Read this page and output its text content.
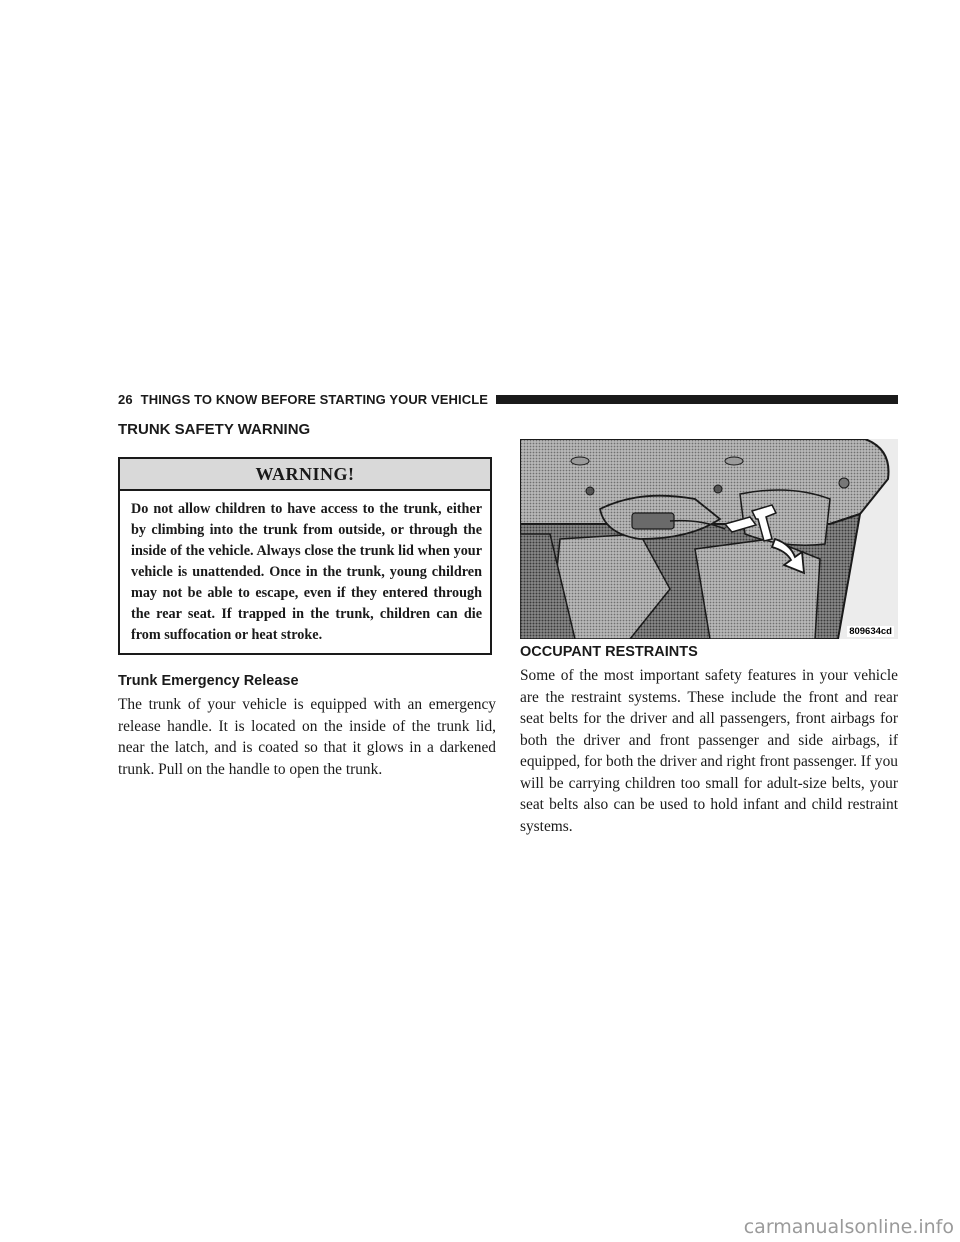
26 THINGS TO KNOW BEFORE STARTING YOUR VEHICLE
TRUNK SAFETY WARNING
WARNING!
Do not allow children to have access to the trunk, either by climbing into the trunk from outside, or through the inside of the vehicle. Always close the trunk lid when your vehicle is unattended. Once in the trunk, young children may not be able to escape, even if they entered through the rear seat. If trapped in the trunk, children can die from suffocation or heat stroke.
Trunk Emergency Release

The trunk of your vehicle is equipped with an emergency release handle. It is located on the inside of the trunk lid, near the latch, and is coated so that it glows in a darkened trunk. Pull on the handle to open the trunk.

809634cd
OCCUPANT RESTRAINTS

Some of the most important safety features in your vehicle are the restraint systems. These include the front and rear seat belts for the driver and all passengers, front airbags for both the driver and front passenger and side airbags, if equipped, for both the driver and right front passenger. If you will be carrying children too small for adult-size belts, your seat belts also can be used to hold infant and child restraint systems.

carmanualsonline.info
